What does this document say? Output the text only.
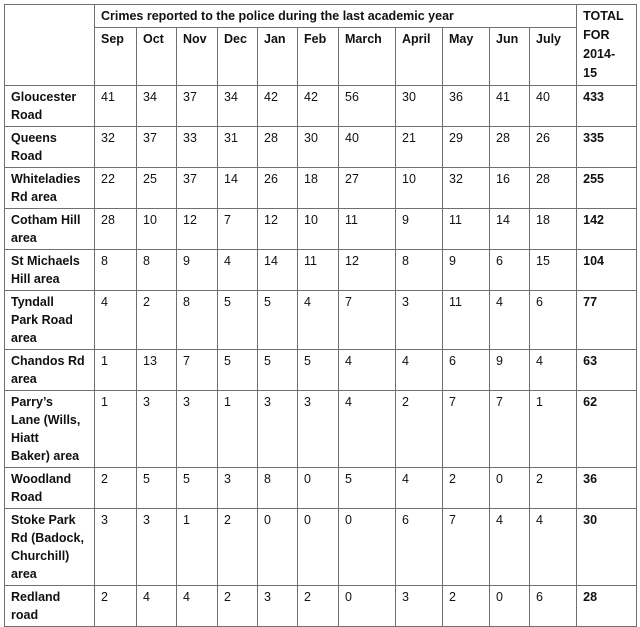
	Crimes reported to the police during the last academic year											TOTAL
FOR
2014-
15
	Sep	Oct	Nov	Dec	Jan	Feb	March	April	May	Jun	July	
Gloucester
Road	41	34	37	34	42	42	56	30	36	41	40	433
Queens
Road	32	37	33	31	28	30	40	21	29	28	26	335
Whiteladies
Rd area	22	25	37	14	26	18	27	10	32	16	28	255
Cotham Hill
area	28	10	12	7	12	10	11	9	11	14	18	142
St Michaels
Hill area	8	8	9	4	14	11	12	8	9	6	15	104
Tyndall
Park Road
area	4	2	8	5	5	4	7	3	11	4	6	77
Chandos Rd
area	1	13	7	5	5	5	4	4	6	9	4	63
Parry’s
Lane (Wills,
Hiatt
Baker) area	1	3	3	1	3	3	4	2	7	7	1	62
Woodland
Road	2	5	5	3	8	0	5	4	2	0	2	36
Stoke Park
Rd (Badock,
Churchill)
area	3	3	1	2	0	0	0	6	7	4	4	30
Redland
road	2	4	4	2	3	2	0	3	2	0	6	28
